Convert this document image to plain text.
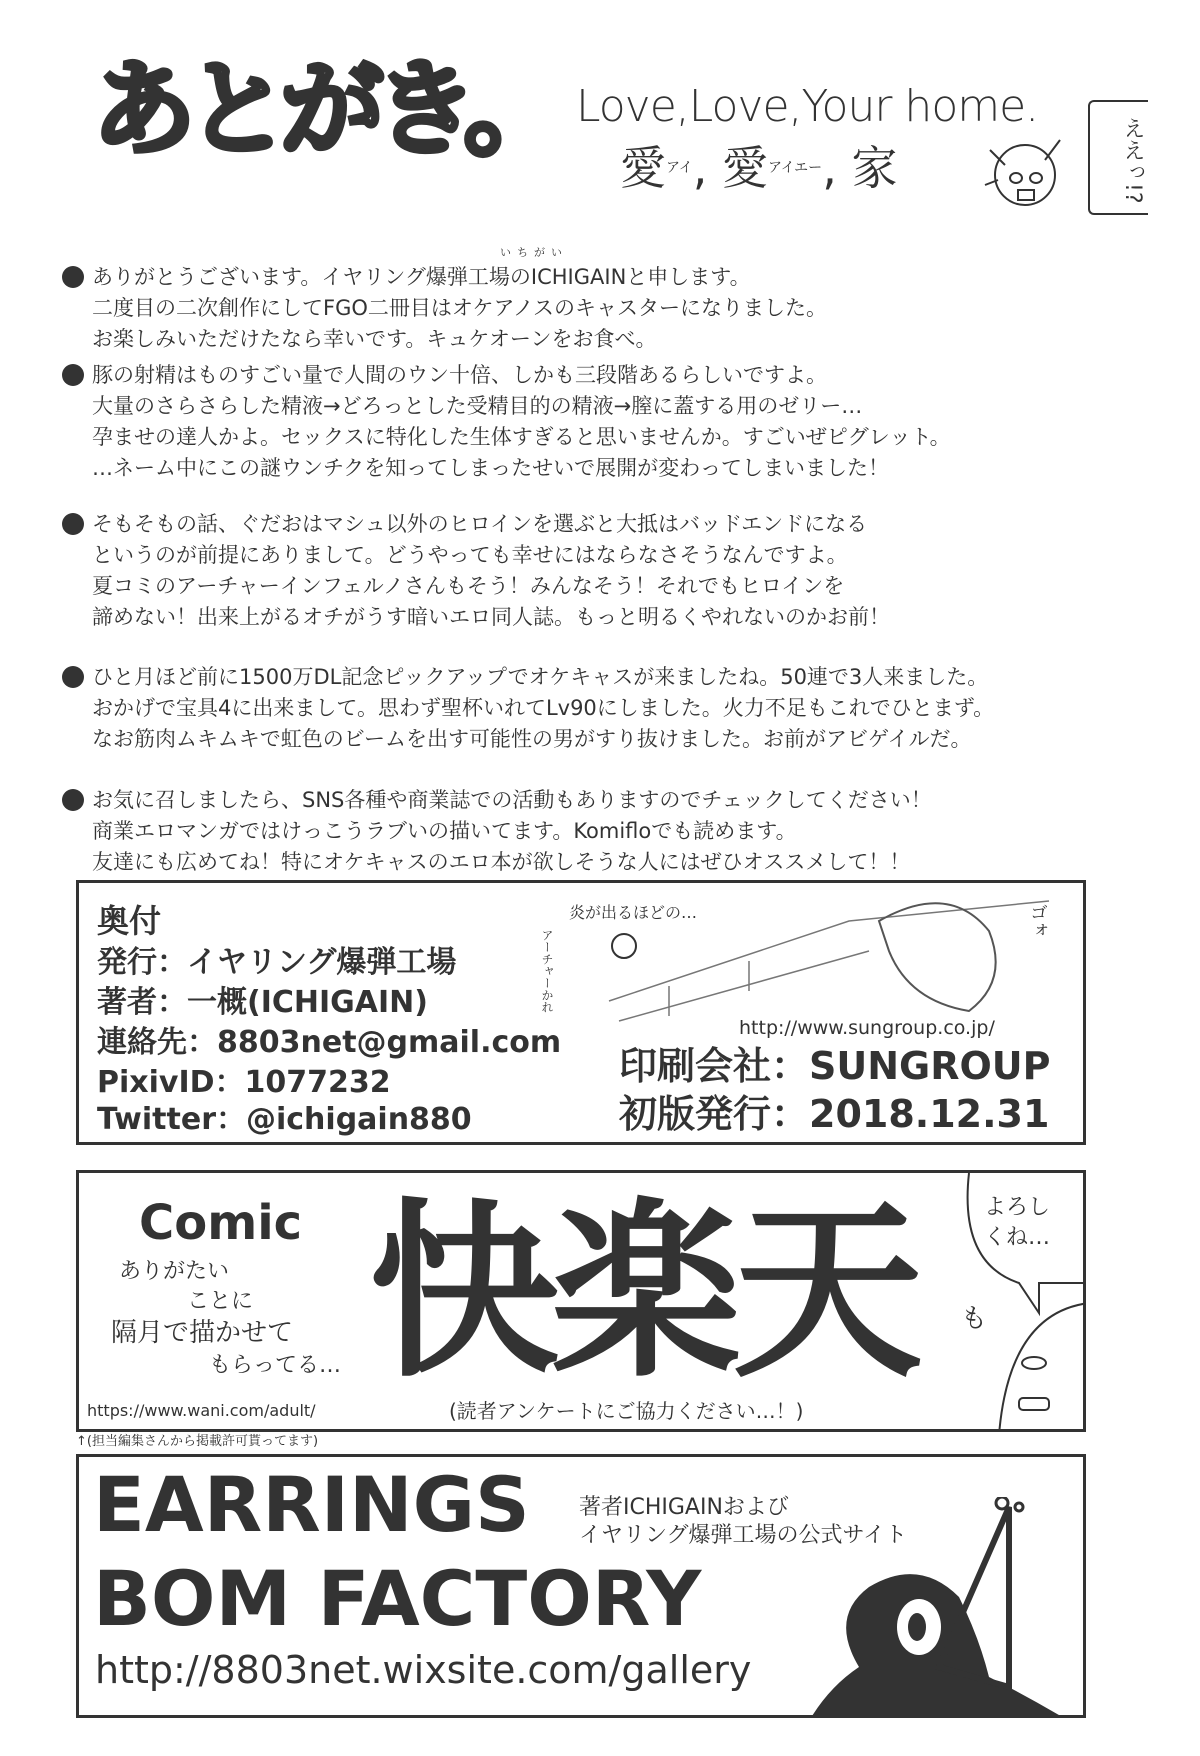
あとがき。 Love,Love,Your home.
愛$^{アイ}$, 愛$^{アイエー}$, 家	ええっ!?
いちがい
ありがとうございます。イヤリング爆弾工場のICHIGAINと申します。
二度目の二次創作にしてFGO二冊目はオケアノスのキャスターになりました。
お楽しみいただけたなら幸いです。キュケオーンをお食べ。
豚の射精はものすごい量で人間のウン十倍、しかも三段階あるらしいですよ。
大量のさらさらした精液→どろっとした受精目的の精液→膣に蓋する用のゼリー…
孕ませの達人かよ。セックスに特化した生体すぎると思いませんか。すごいぜピグレット。
…ネーム中にこの謎ウンチクを知ってしまったせいで展開が変わってしまいました！
そもそもの話、ぐだおはマシュ以外のヒロインを選ぶと大抵はバッドエンドになる
というのが前提にありまして。どうやっても幸せにはならなさそうなんですよ。
夏コミのアーチャーインフェルノさんもそう！みんなそう！それでもヒロインを
諦めない！出来上がるオチがうす暗いエロ同人誌。もっと明るくやれないのかお前！
ひと月ほど前に1500万DL記念ピックアップでオケキャスが来ましたね。50連で3人来ました。
おかげで宝具4に出来まして。思わず聖杯いれてLv90にしました。火力不足もこれでひとまず。
なお筋肉ムキムキで虹色のビームを出す可能性の男がすり抜けました。お前がアビゲイルだ。
お気に召しましたら、SNS各種や商業誌での活動もありますのでチェックしてください！
商業エロマンガではけっこうラブいの描いてます。Komifloでも読めます。
友達にも広めてね！特にオケキャスのエロ本が欲しそうな人にはぜひオススメして！！
奥付
発行：イヤリング爆弾工場
著者：一概(ICHIGAIN)
連絡先：8803net@gmail.com
PixivID：1077232
Twitter：@ichigain880
炎が出るほどの…
アーチャーかれ
ゴォ
http://www.sungroup.co.jp/
印刷会社：SUNGROUP
初版発行：2018.12.31
Comic
ありがたい
ことに
隔月で描かせて
もらってる… 快楽天 も
よろしくね…
https://www.wani.com/adult/	(読者アンケートにご協力ください…！)
↑(担当編集さんから掲載許可貰ってます)
EARRINGS
BOM FACTORY
著者ICHIGAINおよび
イヤリング爆弾工場の公式サイト
http://8803net.wixsite.com/gallery
